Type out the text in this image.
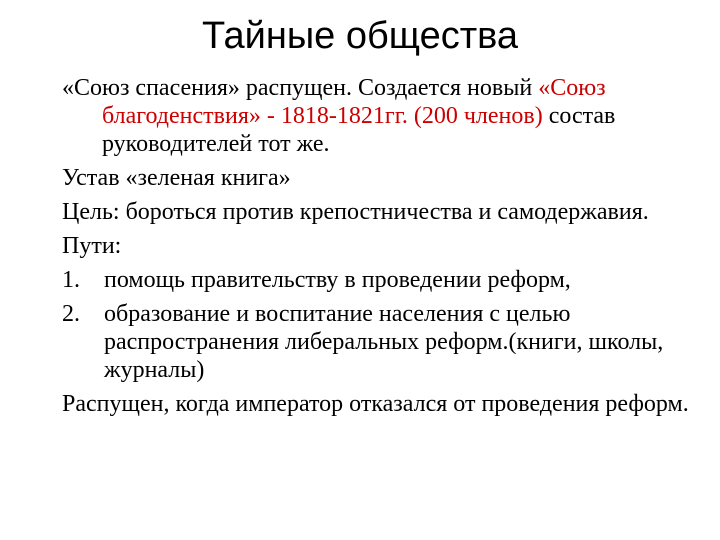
Тайные общества

«Союз спасения» распущен. Создается новый «Союз благоденствия» - 1818-1821гг. (200 членов) состав руководителей тот же.

Устав «зеленая книга»

Цель: бороться против крепостничества и самодержавия.

Пути:

1. помощь правительству в проведении реформ,
2. образование и воспитание населения с целью распространения либеральных реформ.(книги, школы, журналы)

Распущен, когда император отказался от проведения реформ.
